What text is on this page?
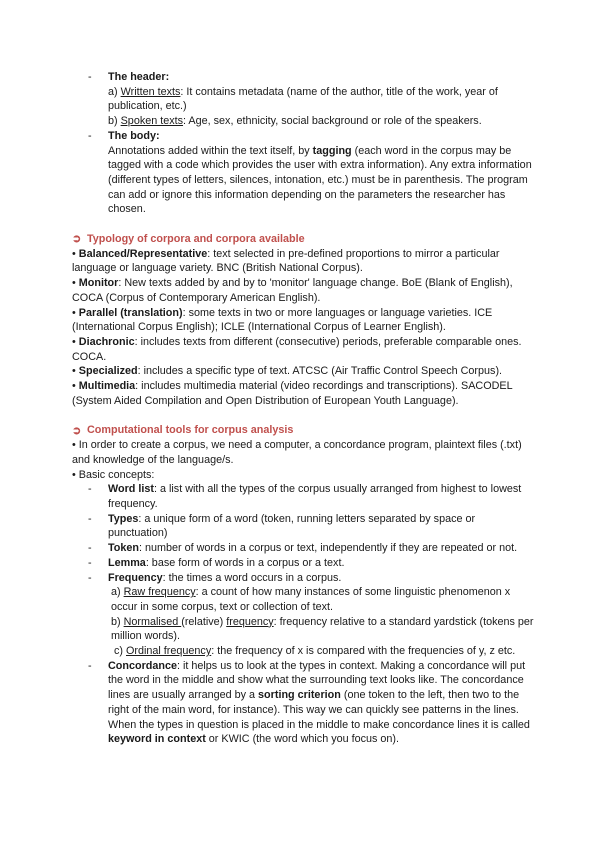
- The header:
a) Written texts: It contains metadata (name of the author, title of the work, year of publication, etc.)
b) Spoken texts: Age, sex, ethnicity, social background or role of the speakers.
- The body:
Annotations added within the text itself, by tagging (each word in the corpus may be tagged with a code which provides the user with extra information). Any extra information (different types of letters, silences, intonation, etc.) must be in parenthesis. The program can add or ignore this information depending on the parameters the researcher has chosen.
➲ Typology of corpora and corpora available
• Balanced/Representative: text selected in pre-defined proportions to mirror a particular language or language variety. BNC (British National Corpus).
• Monitor: New texts added by and by to 'monitor' language change. BoE (Blank of English), COCA (Corpus of Contemporary American English).
• Parallel (translation): some texts in two or more languages or language varieties. ICE (International Corpus English); ICLE (International Corpus of Learner English).
• Diachronic: includes texts from different (consecutive) periods, preferable comparable ones. COCA.
• Specialized: includes a specific type of text. ATCSC (Air Traffic Control Speech Corpus).
• Multimedia: includes multimedia material (video recordings and transcriptions). SACODEL (System Aided Compilation and Open Distribution of European Youth Language).
➲ Computational tools for corpus analysis
• In order to create a corpus, we need a computer, a concordance program, plaintext files (.txt) and knowledge of the language/s.
• Basic concepts:
- Word list: a list with all the types of the corpus usually arranged from highest to lowest frequency.
- Types: a unique form of a word (token, running letters separated by space or punctuation)
- Token: number of words in a corpus or text, independently if they are repeated or not.
- Lemma: base form of words in a corpus or a text.
- Frequency: the times a word occurs in a corpus.
a) Raw frequency: a count of how many instances of some linguistic phenomenon x occur in some corpus, text or collection of text.
b) Normalised (relative) frequency: frequency relative to a standard yardstick (tokens per million words).
c) Ordinal frequency: the frequency of x is compared with the frequencies of y, z etc.
- Concordance: it helps us to look at the types in context. Making a concordance will put the word in the middle and show what the surrounding text looks like. The concordance lines are usually arranged by a sorting criterion (one token to the left, then two to the right of the main word, for instance). This way we can quickly see patterns in the lines. When the types in question is placed in the middle to make concordance lines it is called keyword in context or KWIC (the word which you focus on).
